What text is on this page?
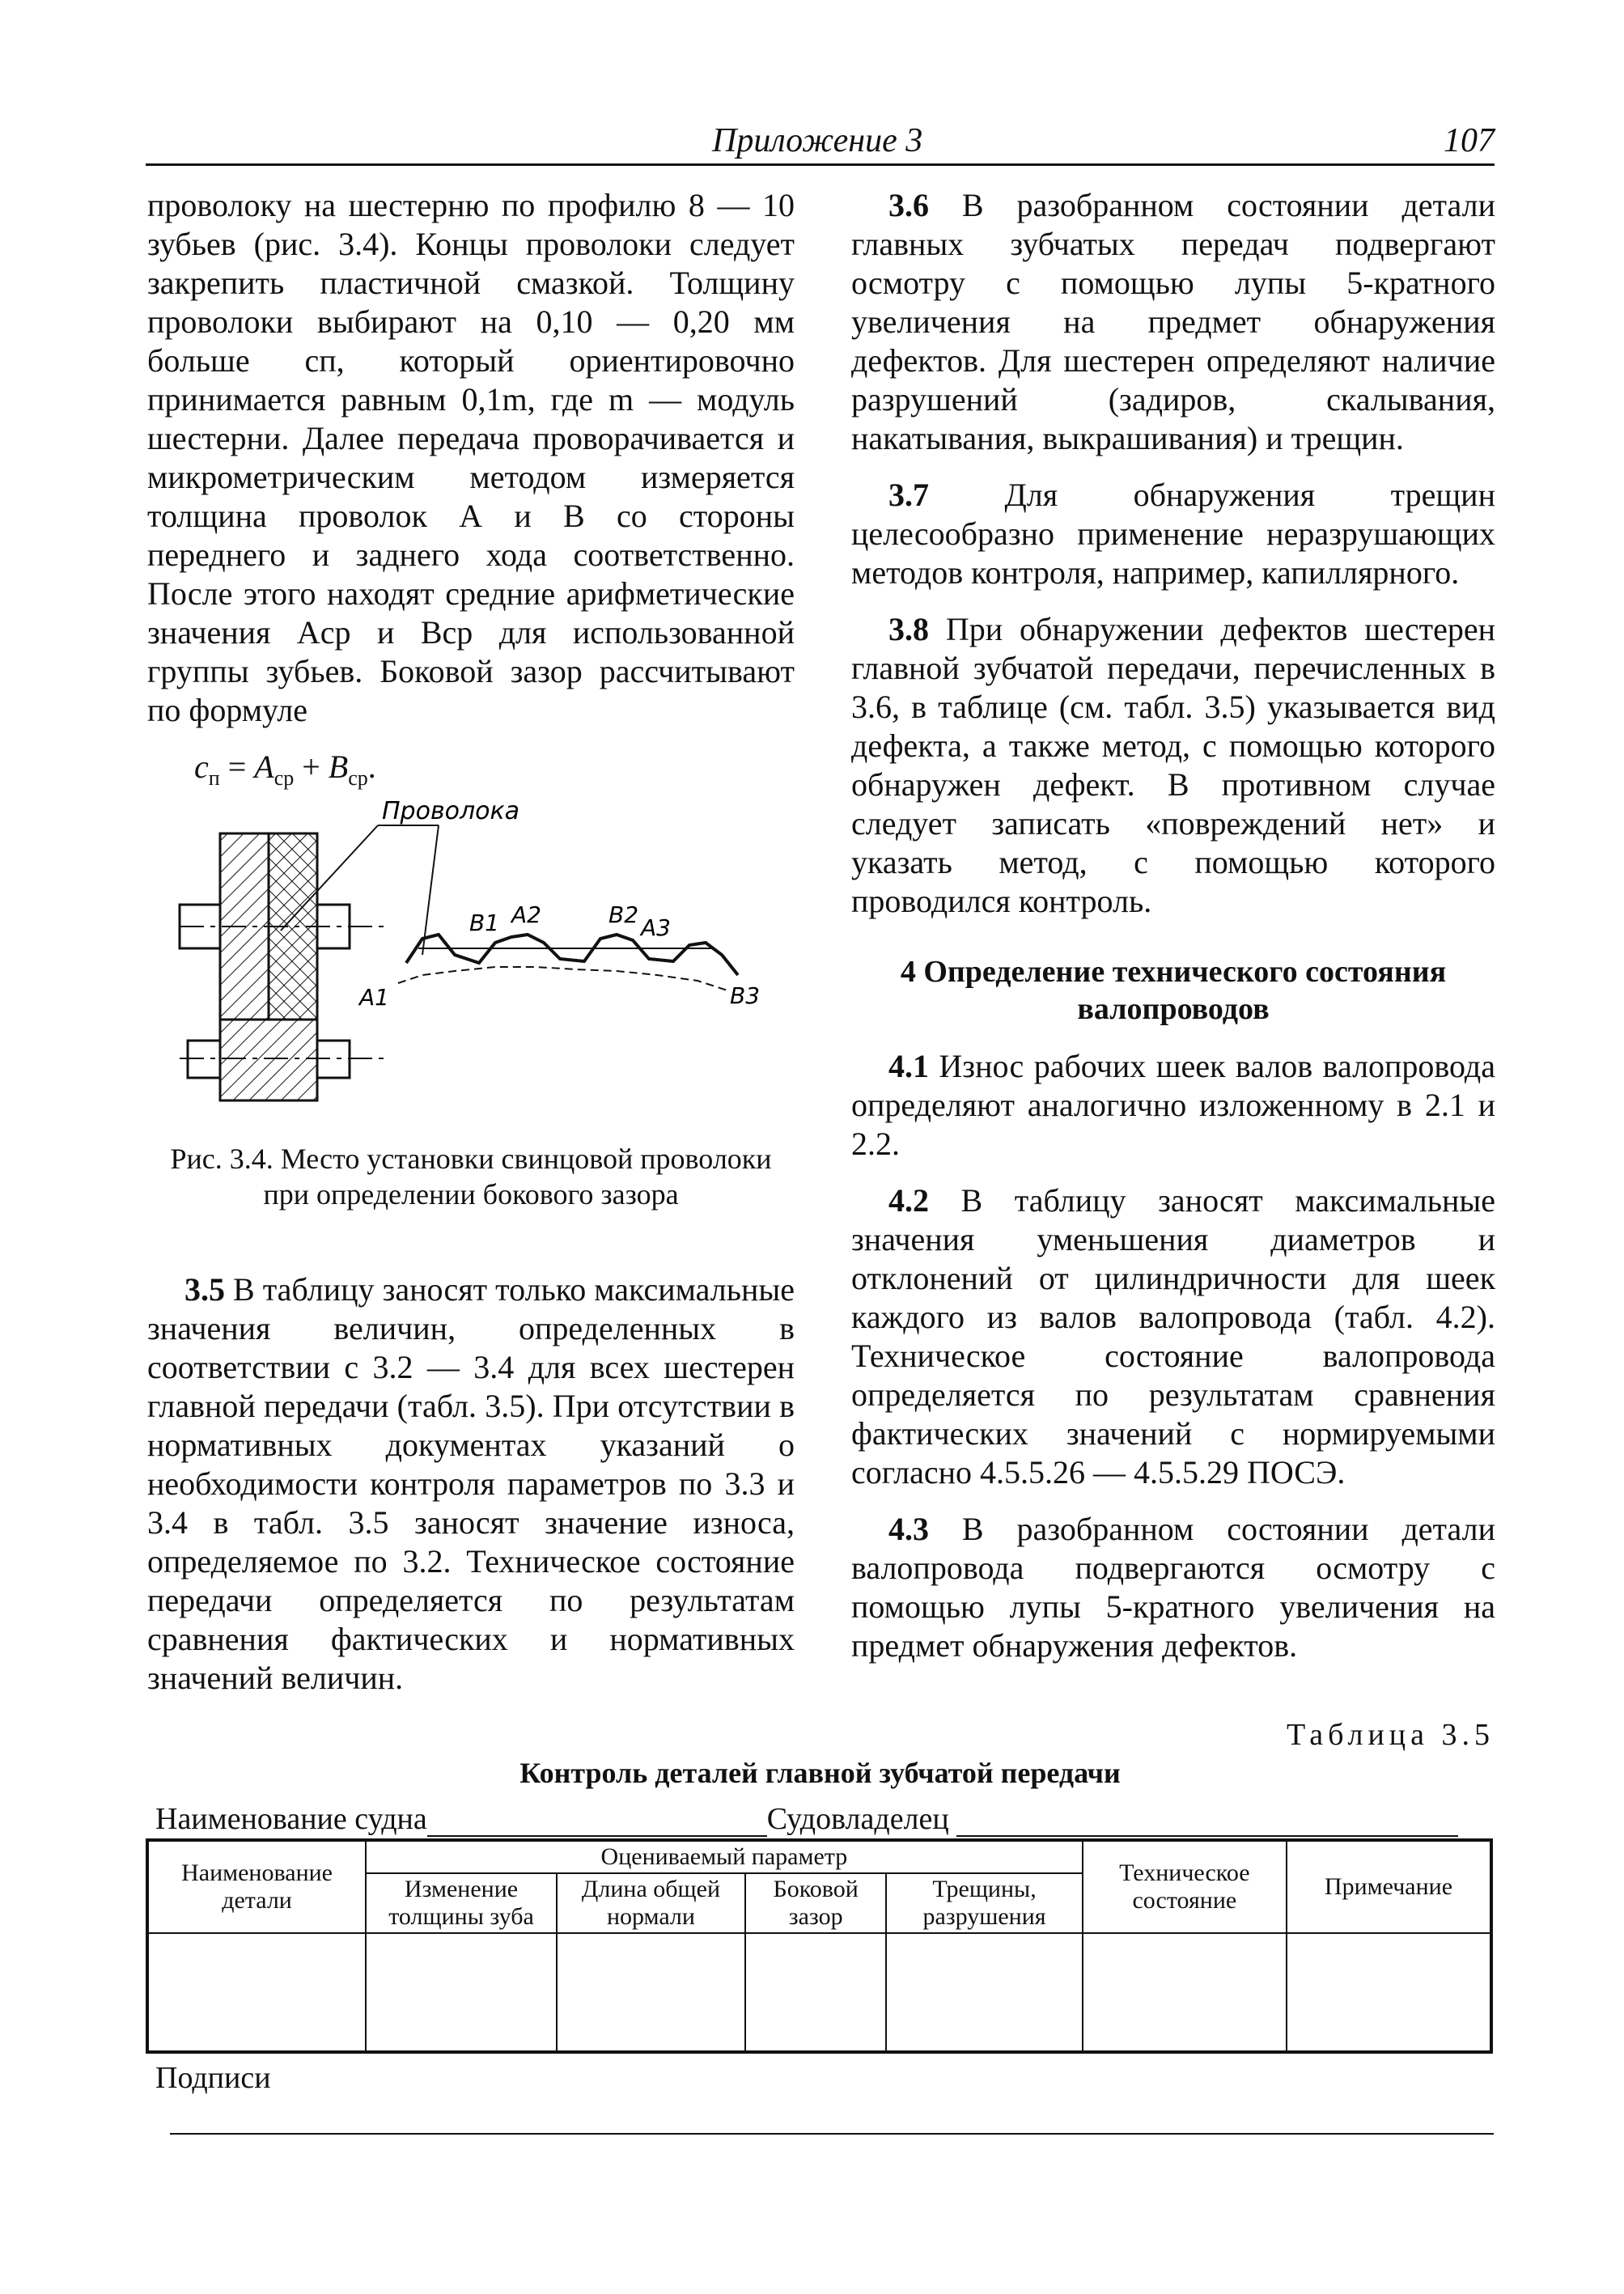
Приложение 3	107

проволоку на шестерню по профилю 8 — 10 зубьев (рис. 3.4). Концы проволоки следует закрепить пластичной смазкой. Толщину проволоки выбирают на 0,10 — 0,20 мм больше cп, который ориентировочно принимается равным 0,1m, где m — модуль шестерни. Далее передача проворачивается и микрометрическим методом измеряется толщина проволок А и В со стороны переднего и заднего хода соответственно. После этого находят средние арифметические значения Aср и Bср для использованной группы зубьев. Боковой зазор рассчитывают по формуле

$c_п = A_{ср} + B_{ср}$.
Проволока
A1
B1 A2	B2 A3
B3
Рис. 3.4. Место установки свинцовой проволоки при определении бокового зазора

3.5 В таблицу заносят только максимальные значения величин, определенных в соответствии с 3.2 — 3.4 для всех шестерен главной передачи (табл. 3.5). При отсутствии в нормативных документах указаний о необходимости контроля параметров по 3.3 и 3.4 в табл. 3.5 заносят значение износа, определяемое по 3.2. Техническое состояние передачи определяется по результатам сравнения фактических и нормативных значений величин.

3.6 В разобранном состоянии детали главных зубчатых передач подвергают осмотру с помощью лупы 5-кратного увеличения на предмет обнаружения дефектов. Для шестерен определяют наличие разрушений (задиров, скалывания, накатывания, выкрашивания) и трещин.

3.7 Для обнаружения трещин целесообразно применение неразрушающих методов контроля, например, капиллярного.

3.8 При обнаружении дефектов шестерен главной зубчатой передачи, перечисленных в 3.6, в таблице (см. табл. 3.5) указывается вид дефекта, а также метод, с помощью которого обнаружен дефект. В противном случае следует записать «повреждений нет» и указать метод, с помощью которого проводился контроль.

4 Определение технического состояния валопроводов

4.1 Износ рабочих шеек валов валопровода определяют аналогично изложенному в 2.1 и 2.2.

4.2 В таблицу заносят максимальные значения уменьшения диаметров и отклонений от цилиндричности для шеек каждого из валов валопровода (табл. 4.2). Техническое состояние валопровода определяется по результатам сравнения фактических значений с нормируемыми согласно 4.5.5.26 — 4.5.5.29 ПОСЭ.

4.3 В разобранном состоянии детали валопровода подвергаются осмотру с помощью лупы 5-кратного увеличения на предмет обнаружения дефектов.

Таблица 3.5
Контроль деталей главной зубчатой передачи
Наименование судна	Судовладелец
Наименование детали	Оцениваемый параметр				Техническое состояние	Примечание
	Изменение толщины зуба	Длина общей нормали	Боковой зазор	Трещины, разрушения		

Подписи
